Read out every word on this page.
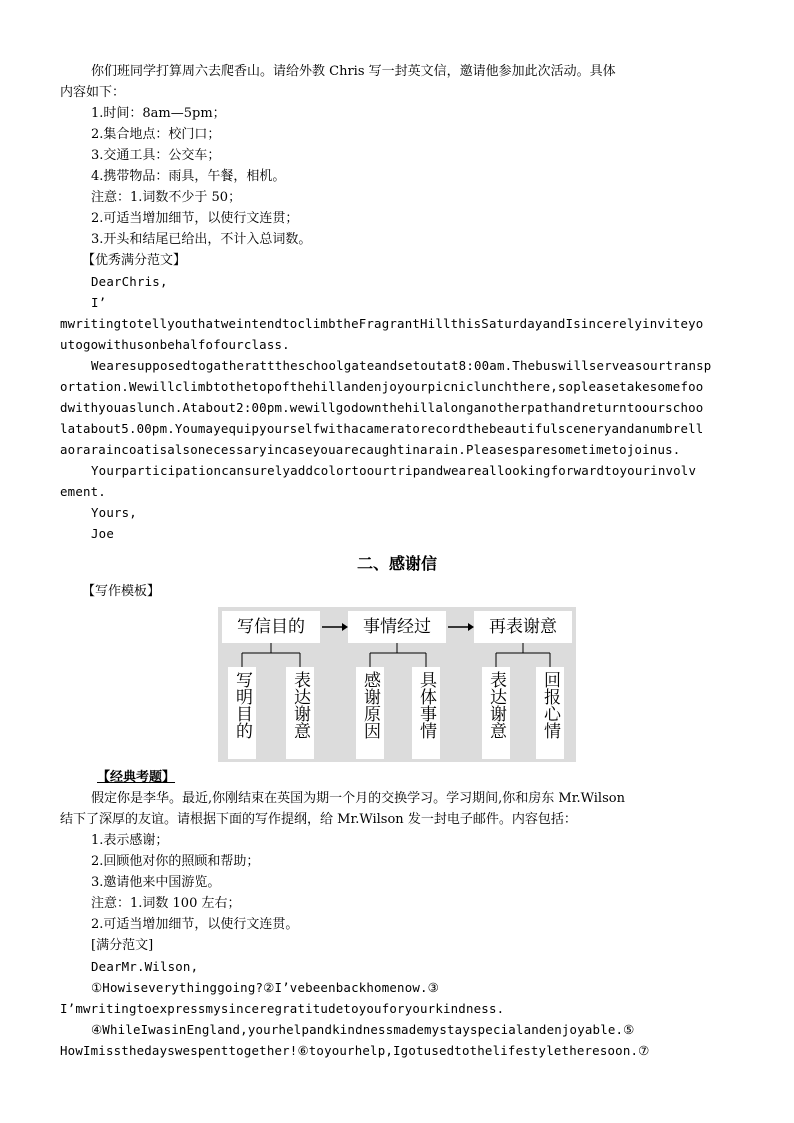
你们班同学打算周六去爬香山。请给外教 Chris 写一封英文信，邀请他参加此次活动。具体
内容如下：
1.时间：8am—5pm；
2.集合地点：校门口；
3.交通工具：公交车；
4.携带物品：雨具，午餐，相机。
注意：1.词数不少于 50；
2.可适当增加细节，以使行文连贯；
3.开头和结尾已给出，不计入总词数。
【优秀满分范文】
DearChris,
I’
mwritingtotellyouthatweintendtoclimbtheFragrantHillthisSaturdayandIsincerelyinviteyo
utogowithusonbehalfofourclass.
Wearesupposedtogatheratttheschoolgateandsetoutat8:00am.Thebuswillserveasourtransp
ortation.Wewillclimbtothetopofthehillandenjoyourpicniclunchthere,sopleasetakesomefoo
dwithyouaslunch.Atabout2:00pm.wewillgodownthehillalonganotherpathandreturntoourschoo
latabout5.00pm.Youmayequipyourselfwithacameratorecordthebeautifulsceneryandanumbrell
aoraraincoatisalsonecessaryincaseyouarecaughtinarain.Pleasesparesometimetojoinus.
Yourparticipationcansurelyaddcolortoourtripandweareallookingforwardtoyourinvolv
ement.
Yours,
Joe
二、感谢信
【写作模板】
写信目的	事情经过	再表谢意
写明目的 表达谢意	感谢原因 具体事情	表达谢意 回报心情
【经典考题】
假定你是李华。最近,你刚结束在英国为期一个月的交换学习。学习期间,你和房东 Mr.Wilson
结下了深厚的友谊。请根据下面的写作提纲，给 Mr.Wilson 发一封电子邮件。内容包括：
1.表示感谢；
2.回顾他对你的照顾和帮助；
3.邀请他来中国游览。
注意：1.词数 100 左右；
2.可适当增加细节，以使行文连贯。
[满分范文]
DearMr.Wilson,
①Howiseverythinggoing?②I’vebeenbackhomenow.③
I’mwritingtoexpressmysinceregratitudetoyouforyourkindness.
④WhileIwasinEngland,yourhelpandkindnessmademystayspecialandenjoyable.⑤
HowImissthedayswespenttogether!⑥toyourhelp,Igotusedtothelifestyletheresoon.⑦
